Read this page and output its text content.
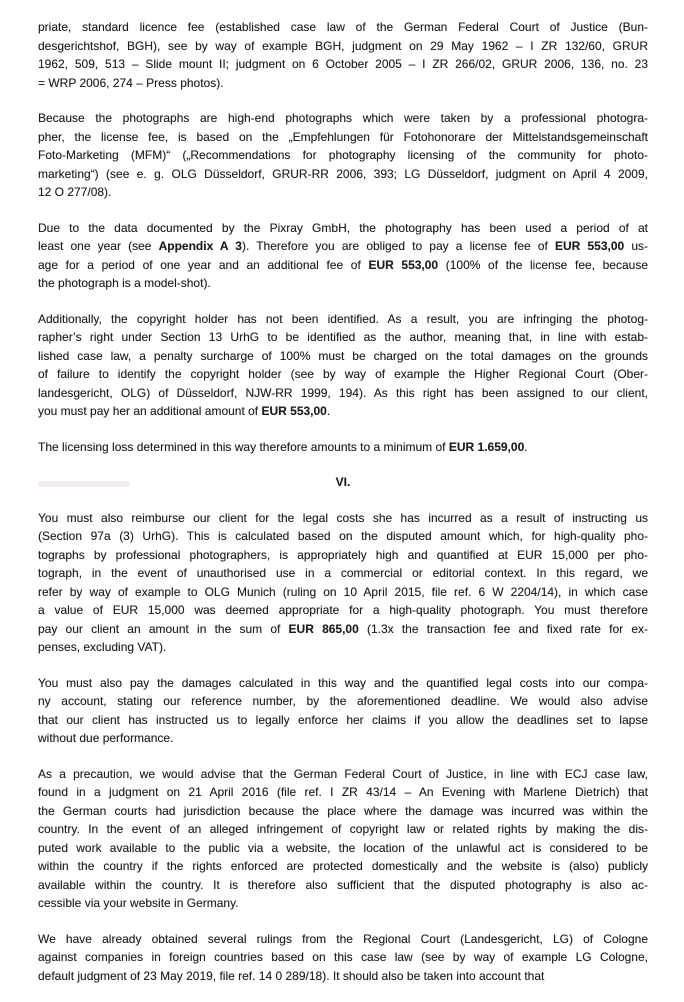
priate, standard licence fee (established case law of the German Federal Court of Justice (Bun-
desgerichtshof, BGH), see by way of example BGH, judgment on 29 May 1962 – I ZR 132/60, GRUR
1962, 509, 513 – Slide mount II; judgment on 6 October 2005 – I ZR 266/02, GRUR 2006, 136, no. 23
= WRP 2006, 274 – Press photos).
Because the photographs are high-end photographs which were taken by a professional photogra-
pher, the license fee, is based on the „Empfehlungen für Fotohonorare der Mittelstandsgemeinschaft
Foto-Marketing (MFM)“ („Recommendations for photography licensing of the community for photo-
marketing“) (see e. g. OLG Düsseldorf, GRUR-RR 2006, 393; LG Düsseldorf, judgment on April 4 2009,
12 O 277/08).
Due to the data documented by the Pixray GmbH, the photography has been used a period of at
least one year (see Appendix A 3). Therefore you are obliged to pay a license fee of EUR 553,00 us-
age for a period of one year and an additional fee of EUR 553,00 (100% of the license fee, because
the photograph is a model-shot).
Additionally, the copyright holder has not been identified. As a result, you are infringing the photog-
rapher’s right under Section 13 UrhG to be identified as the author, meaning that, in line with estab-
lished case law, a penalty surcharge of 100% must be charged on the total damages on the grounds
of failure to identify the copyright holder (see by way of example the Higher Regional Court (Ober-
landesgericht, OLG) of Düsseldorf, NJW-RR 1999, 194). As this right has been assigned to our client,
you must pay her an additional amount of EUR 553,00.
The licensing loss determined in this way therefore amounts to a minimum of EUR 1.659,00.
VI.
You must also reimburse our client for the legal costs she has incurred as a result of instructing us
(Section 97a (3) UrhG). This is calculated based on the disputed amount which, for high-quality pho-
tographs by professional photographers, is appropriately high and quantified at EUR 15,000 per pho-
tograph, in the event of unauthorised use in a commercial or editorial context. In this regard, we
refer by way of example to OLG Munich (ruling on 10 April 2015, file ref. 6 W 2204/14), in which case
a value of EUR 15,000 was deemed appropriate for a high-quality photograph. You must therefore
pay our client an amount in the sum of EUR 865,00 (1.3x the transaction fee and fixed rate for ex-
penses, excluding VAT).
You must also pay the damages calculated in this way and the quantified legal costs into our compa-
ny account, stating our reference number, by the aforementioned deadline. We would also advise
that our client has instructed us to legally enforce her claims if you allow the deadlines set to lapse
without due performance.
As a precaution, we would advise that the German Federal Court of Justice, in line with ECJ case law,
found in a judgment on 21 April 2016 (file ref. I ZR 43/14 – An Evening with Marlene Dietrich) that
the German courts had jurisdiction because the place where the damage was incurred was within the
country. In the event of an alleged infringement of copyright law or related rights by making the dis-
puted work available to the public via a website, the location of the unlawful act is considered to be
within the country if the rights enforced are protected domestically and the website is (also) publicly
available within the country. It is therefore also sufficient that the disputed photography is also ac-
cessible via your website in Germany.
We have already obtained several rulings from the Regional Court (Landesgericht, LG) of Cologne
against companies in foreign countries based on this case law (see by way of example LG Cologne,
default judgment of 23 May 2019, file ref. 14 0 289/18). It should also be taken into account that
